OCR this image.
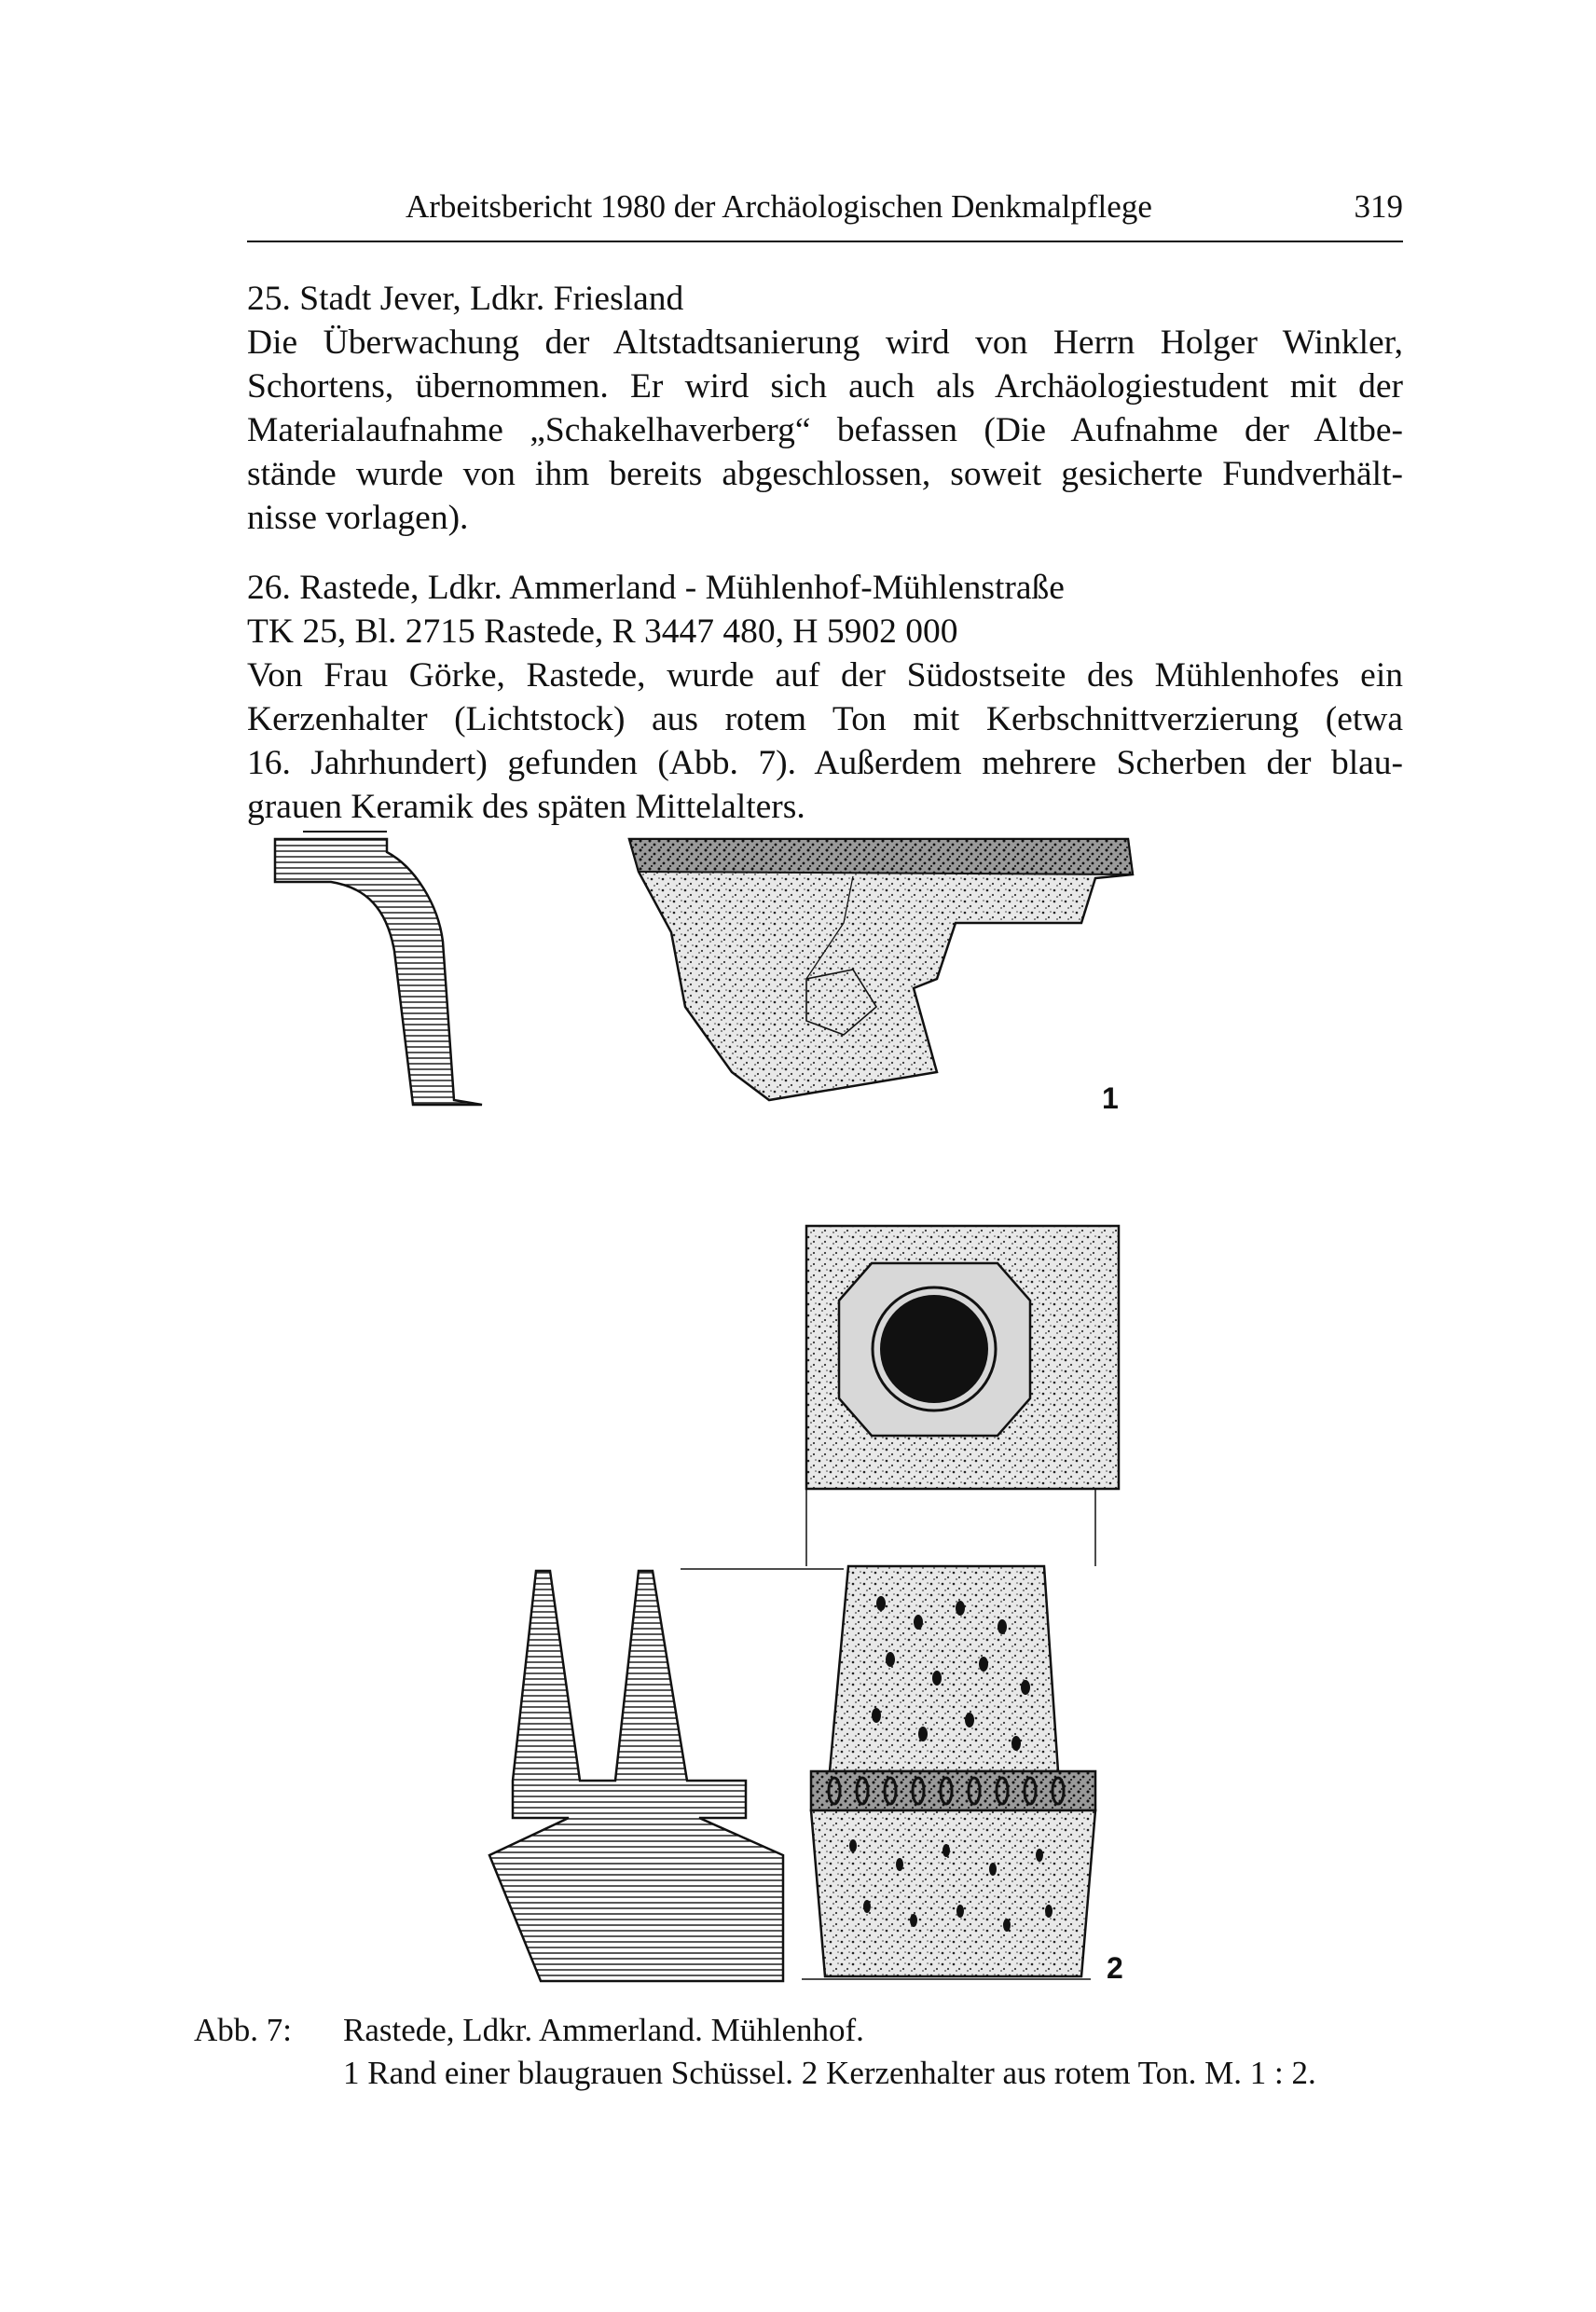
Arbeitsbericht 1980 der Archäologischen Denkmalpflege	319

25. Stadt Jever, Ldkr. Friesland
Die Überwachung der Altstadtsanierung wird von Herrn Holger Winkler,
Schortens, übernommen. Er wird sich auch als Archäologiestudent mit der
Materialaufnahme „Schakelhaverberg“ befassen (Die Aufnahme der Altbe-
stände wurde von ihm bereits abgeschlossen, soweit gesicherte Fundverhält-
nisse vorlagen).

26. Rastede, Ldkr. Ammerland - Mühlenhof-Mühlenstraße
TK 25, Bl. 2715 Rastede, R 3447 480, H 5902 000
Von Frau Görke, Rastede, wurde auf der Südostseite des Mühlenhofes ein
Kerzenhalter (Lichtstock) aus rotem Ton mit Kerbschnittverzierung (etwa
16. Jahrhundert) gefunden (Abb. 7). Außerdem mehrere Scherben der blau-
grauen Keramik des späten Mittelalters.

1
2
Abb. 7: Rastede, Ldkr. Ammerland. Mühlenhof.
1 Rand einer blaugrauen Schüssel. 2 Kerzenhalter aus rotem Ton. M. 1 : 2.
